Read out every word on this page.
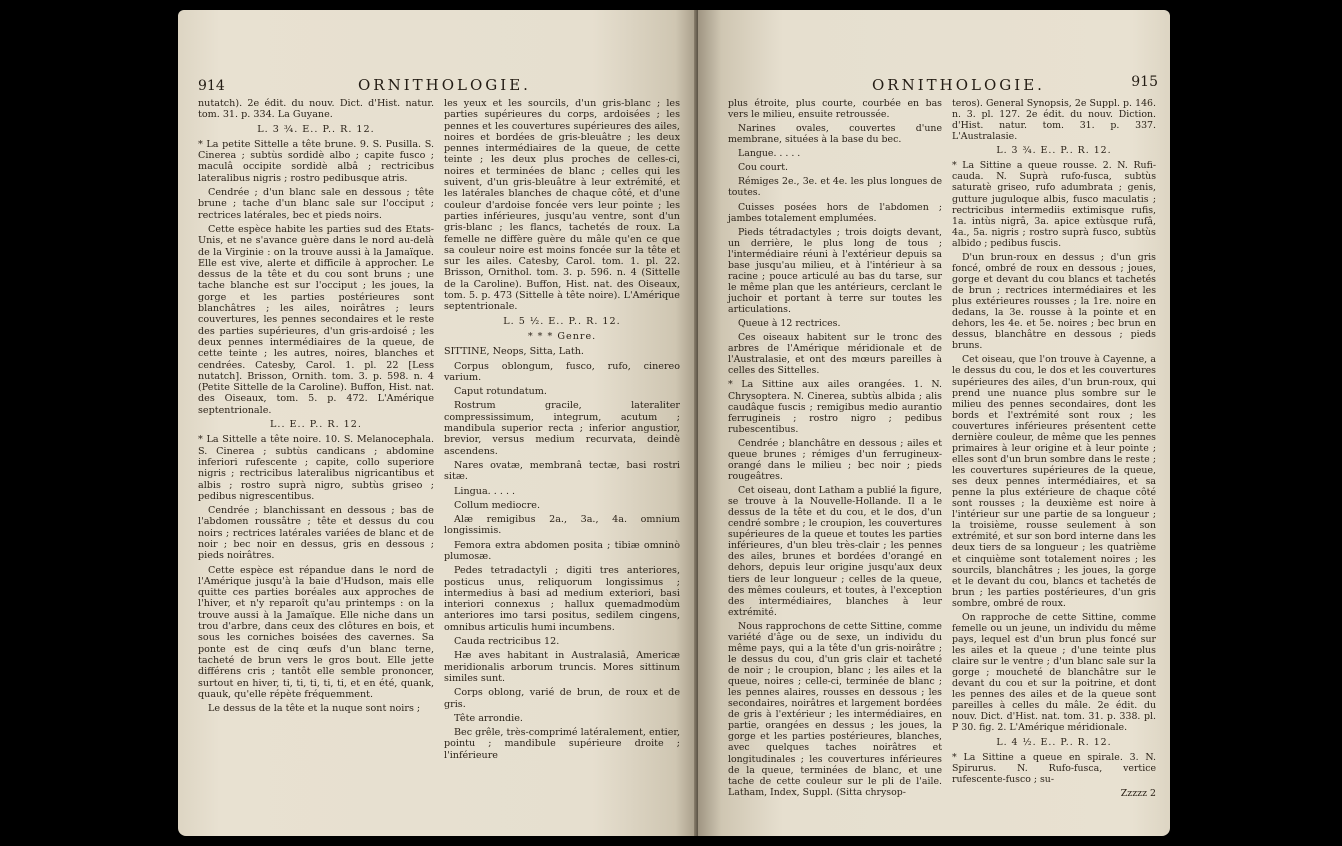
914	ORNITHOLOGIE.

nutatch). 2e édit. du nouv. Dict. d'Hist. natur. tom. 31. p. 334. La Guyane.

L. 3 ¾. E.. P.. R. 12.

* La petite Sittelle a tête brune. 9. S. Pusilla. S. Cinerea ; subtùs sordidè albo ; capite fusco ; maculâ occipite sordidè albâ ; rectricibus lateralibus nigris ; rostro pedibusque atris.

Cendrée ; d'un blanc sale en dessous ; tête brune ; tache d'un blanc sale sur l'occiput ; rectrices latérales, bec et pieds noirs.

Cette espèce habite les parties sud des Etats-Unis, et ne s'avance guère dans le nord au-delà de la Virginie : on la trouve aussi à la Jamaïque. Elle est vive, alerte et difficile à approcher. Le dessus de la tête et du cou sont bruns ; une tache blanche est sur l'occiput ; les joues, la gorge et les parties postérieures sont blanchâtres ; les ailes, noirâtres ; leurs couvertures, les pennes secondaires et le reste des parties supérieures, d'un gris-ardoisé ; les deux pennes intermédiaires de la queue, de cette teinte ; les autres, noires, blanches et cendrées. Catesby, Carol. 1. pl. 22 [Less nutatch]. Brisson, Ornith. tom. 3. p. 598. n. 4 (Petite Sittelle de la Caroline). Buffon, Hist. nat. des Oiseaux, tom. 5. p. 472. L'Amérique septentrionale.

L.. E.. P.. R. 12.

* La Sittelle a tête noire. 10. S. Melanocephala. S. Cinerea ; subtùs candicans ; abdomine inferiori rufescente ; capite, collo superiore nigris ; rectricibus lateralibus nigricantibus et albis ; rostro suprà nigro, subtùs griseo ; pedibus nigrescentibus.

Cendrée ; blanchissant en dessous ; bas de l'abdomen roussâtre ; tête et dessus du cou noirs ; rectrices latérales variées de blanc et de noir ; bec noir en dessus, gris en dessous ; pieds noirâtres.

Cette espèce est répandue dans le nord de l'Amérique jusqu'à la baie d'Hudson, mais elle quitte ces parties boréales aux approches de l'hiver, et n'y reparoît qu'au printemps : on la trouve aussi à la Jamaïque. Elle niche dans un trou d'arbre, dans ceux des clôtures en bois, et sous les corniches boisées des cavernes. Sa ponte est de cinq œufs d'un blanc terne, tacheté de brun vers le gros bout. Elle jette différens cris ; tantôt elle semble prononcer, surtout en hiver, ti, ti, ti, ti, ti, et en été, quank, quauk, qu'elle répète fréquemment.

Le dessus de la tête et la nuque sont noirs ;

les yeux et les sourcils, d'un gris-blanc ; les parties supérieures du corps, ardoisées ; les pennes et les couvertures supérieures des ailes, noires et bordées de gris-bleuâtre ; les deux pennes intermédiaires de la queue, de cette teinte ; les deux plus proches de celles-ci, noires et terminées de blanc ; celles qui les suivent, d'un gris-bleuâtre à leur extrémité, et les latérales blanches de chaque côté, et d'une couleur d'ardoise foncée vers leur pointe ; les parties inférieures, jusqu'au ventre, sont d'un gris-blanc ; les flancs, tachetés de roux. La femelle ne diffère guère du mâle qu'en ce que sa couleur noire est moins foncée sur la tête et sur les ailes. Catesby, Carol. tom. 1. pl. 22. Brisson, Ornithol. tom. 3. p. 596. n. 4 (Sittelle de la Caroline). Buffon, Hist. nat. des Oiseaux, tom. 5. p. 473 (Sittelle à tête noire). L'Amérique septentrionale.

L. 5 ½. E.. P.. R. 12.

* * * Genre.

SITTINE, Neops, Sitta, Lath.

Corpus oblongum, fusco, rufo, cinereo varium.

Caput rotundatum.

Rostrum gracile, lateraliter compressissimum, integrum, acutum ; mandibula superior recta ; inferior angustior, brevior, versus medium recurvata, deindè ascendens.

Nares ovatæ, membranâ tectæ, basi rostri sitæ.

Lingua. . . . .

Collum mediocre.

Alæ remigibus 2a., 3a., 4a. omnium longissimis.

Femora extra abdomen posita ; tibiæ omninò plumosæ.

Pedes tetradactyli ; digiti tres anteriores, posticus unus, reliquorum longissimus ; intermedius à basi ad medium exteriori, basi interiori connexus ; hallux quemadmodùm anteriores imo tarsi positus, sedilem cingens, omnibus articulis humi incumbens.

Cauda rectricibus 12.

Hæ aves habitant in Australasiâ, Americæ meridionalis arborum truncis. Mores sittinum similes sunt.

Corps oblong, varié de brun, de roux et de gris.

Tête arrondie.

Bec grêle, très-comprimé latéralement, entier, pointu ; mandibule supérieure droite ; l'inférieure

ORNITHOLOGIE.	915

plus étroite, plus courte, courbée en bas vers le milieu, ensuite retroussée.

Narines ovales, couvertes d'une membrane, situées à la base du bec.

Langue. . . . .

Cou court.

Rémiges 2e., 3e. et 4e. les plus longues de toutes.

Cuisses posées hors de l'abdomen ; jambes totalement emplumées.

Pieds tétradactyles ; trois doigts devant, un derrière, le plus long de tous ; l'intermédiaire réuni à l'extérieur depuis sa base jusqu'au milieu, et à l'intérieur à sa racine ; pouce articulé au bas du tarse, sur le même plan que les antérieurs, cerclant le juchoir et portant à terre sur toutes les articulations.

Queue à 12 rectrices.

Ces oiseaux habitent sur le tronc des arbres de l'Amérique méridionale et de l'Australasie, et ont des mœurs pareilles à celles des Sittelles.

* La Sittine aux ailes orangées. 1. N. Chrysoptera. N. Cinerea, subtùs albida ; alis caudâque fuscis ; remigibus medio aurantio ferrugineis ; rostro nigro ; pedibus rubescentibus.

Cendrée ; blanchâtre en dessous ; ailes et queue brunes ; rémiges d'un ferrugineux-orangé dans le milieu ; bec noir ; pieds rougeâtres.

Cet oiseau, dont Latham a publié la figure, se trouve à la Nouvelle-Hollande. Il a le dessus de la tête et du cou, et le dos, d'un cendré sombre ; le croupion, les couvertures supérieures de la queue et toutes les parties inférieures, d'un bleu très-clair ; les pennes des ailes, brunes et bordées d'orangé en dehors, depuis leur origine jusqu'aux deux tiers de leur longueur ; celles de la queue, des mêmes couleurs, et toutes, à l'exception des intermédiaires, blanches à leur extrémité.

Nous rapprochons de cette Sittine, comme variété d'âge ou de sexe, un individu du même pays, qui a la tête d'un gris-noirâtre ; le dessus du cou, d'un gris clair et tacheté de noir ; le croupion, blanc ; les ailes et la queue, noires ; celle-ci, terminée de blanc ; les pennes alaires, rousses en dessous ; les secondaires, noirâtres et largement bordées de gris à l'extérieur ; les intermédiaires, en partie, orangées en dessus ; les joues, la gorge et les parties postérieures, blanches, avec quelques taches noirâtres et longitudinales ; les couvertures inférieures de la queue, terminées de blanc, et une tache de cette couleur sur le pli de l'aile. Latham, Index, Suppl. (Sitta chrysop-

teros). General Synopsis, 2e Suppl. p. 146. n. 3. pl. 127. 2e édit. du nouv. Diction. d'Hist. natur. tom. 31. p. 337. L'Australasie.

L. 3 ¾. E.. P.. R. 12.

* La Sittine a queue rousse. 2. N. Rufi-cauda. N. Suprà rufo-fusca, subtùs saturatè griseo, rufo adumbrata ; genis, gutture juguloque albis, fusco maculatis ; rectricibus intermediis extimisque rufis, 1a. intùs nigrâ, 3a. apice extùsque rufâ, 4a., 5a. nigris ; rostro suprà fusco, subtùs albido ; pedibus fuscis.

D'un brun-roux en dessus ; d'un gris foncé, ombré de roux en dessous ; joues, gorge et devant du cou blancs et tachetés de brun ; rectrices intermédiaires et les plus extérieures rousses ; la 1re. noire en dedans, la 3e. rousse à la pointe et en dehors, les 4e. et 5e. noires ; bec brun en dessus, blanchâtre en dessous ; pieds bruns.

Cet oiseau, que l'on trouve à Cayenne, a le dessus du cou, le dos et les couvertures supérieures des ailes, d'un brun-roux, qui prend une nuance plus sombre sur le milieu des pennes secondaires, dont les bords et l'extrémité sont roux ; les couvertures inférieures présentent cette dernière couleur, de même que les pennes primaires à leur origine et à leur pointe ; elles sont d'un brun sombre dans le reste ; les couvertures supérieures de la queue, ses deux pennes intermédiaires, et sa penne la plus extérieure de chaque côté sont rousses ; la deuxième est noire à l'intérieur sur une partie de sa longueur ; la troisième, rousse seulement à son extrémité, et sur son bord interne dans les deux tiers de sa longueur ; les quatrième et cinquième sont totalement noires ; les sourcils, blanchâtres ; les joues, la gorge et le devant du cou, blancs et tachetés de brun ; les parties postérieures, d'un gris sombre, ombré de roux.

On rapproche de cette Sittine, comme femelle ou un jeune, un individu du même pays, lequel est d'un brun plus foncé sur les ailes et la queue ; d'une teinte plus claire sur le ventre ; d'un blanc sale sur la gorge ; moucheté de blanchâtre sur le devant du cou et sur la poitrine, et dont les pennes des ailes et de la queue sont pareilles à celles du mâle. 2e édit. du nouv. Dict. d'Hist. nat. tom. 31. p. 338. pl. P 30. fig. 2. L'Amérique méridionale.

L. 4 ½. E.. P.. R. 12.

* La Sittine a queue en spirale. 3. N. Spirurus. N. Rufo-fusca, vertice rufescente-fusco ; su-

Zzzzz 2
